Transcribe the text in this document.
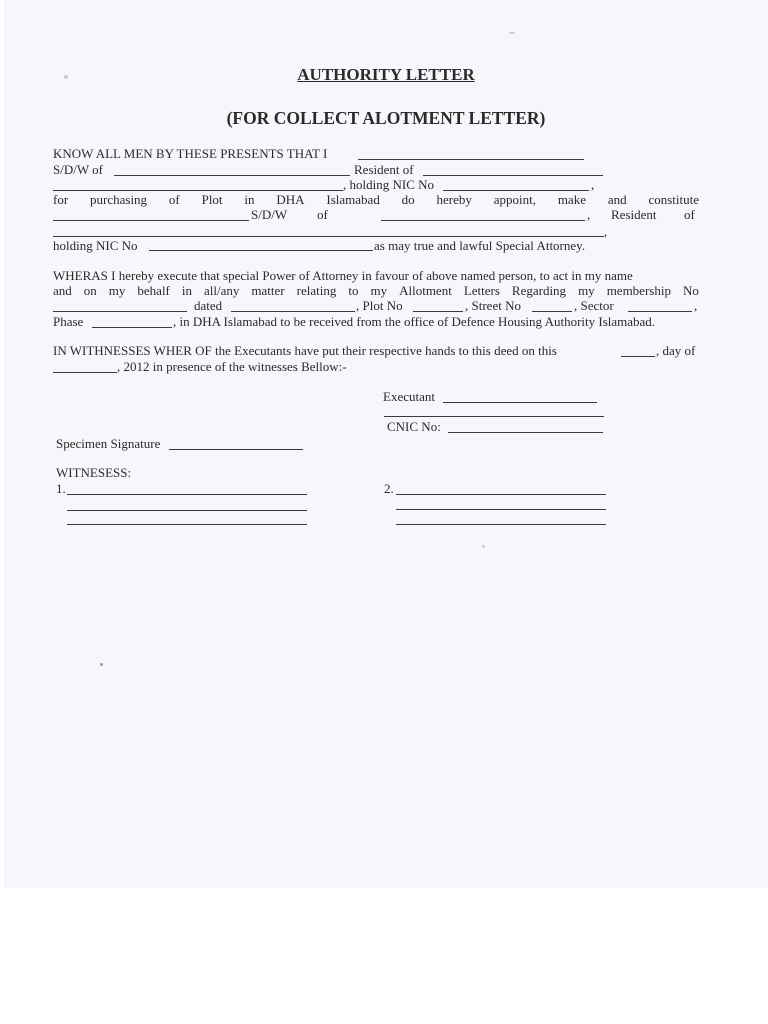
AUTHORITY LETTER
(FOR COLLECT ALOTMENT LETTER)
KNOW ALL MEN BY THESE PRESENTS THAT I
S/D/W of	Resident of
, holding NIC No	,
for purchasing of Plot in DHA Islamabad do hereby appoint, make and constitute
S/D/W of	, Resident of
,
holding NIC No	as may true and lawful Special Attorney.
WHERAS I hereby execute that special Power of Attorney in favour of above named person, to act in my name
and on my behalf in all/any matter relating to my Allotment Letters Regarding my membership No
dated	, Plot No	, Street No	, Sector	,
Phase	, in DHA Islamabad to be received from the office of Defence Housing Authority Islamabad.
IN WITHNESSES WHER OF the Executants have put their respective hands to this deed on this	, day of
, 2012 in presence of the witnesses Bellow:-
Executant
CNIC No:
Specimen Signature
WITNESESS:
1.	2.
